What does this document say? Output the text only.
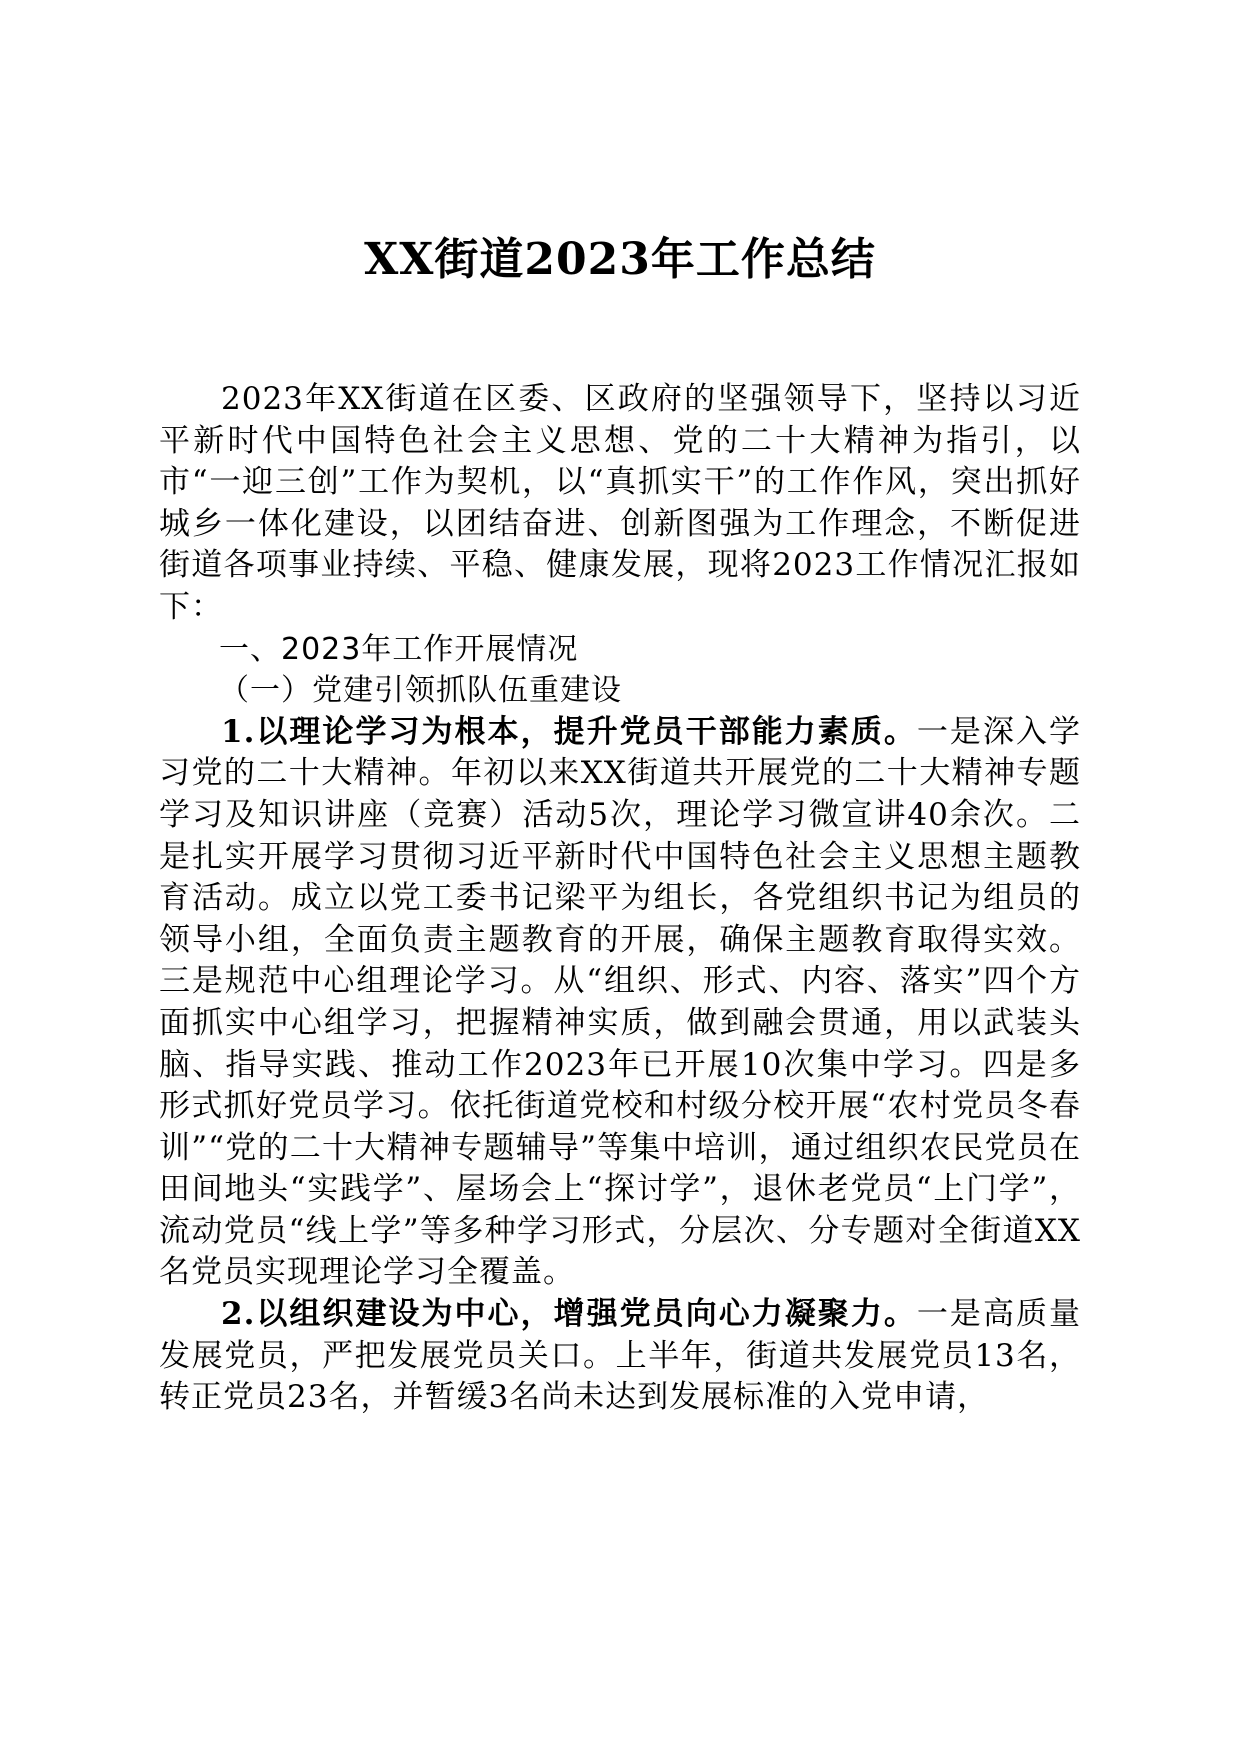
XX街道2023年工作总结

2023年XX街道在区委、区政府的坚强领导下，坚持以习近平新时代中国特色社会主义思想、党的二十大精神为指引，以市“一迎三创”工作为契机，以“真抓实干”的工作作风，突出抓好城乡一体化建设，以团结奋进、创新图强为工作理念，不断促进街道各项事业持续、平稳、健康发展，现将2023工作情况汇报如下：

一、2023年工作开展情况

（一）党建引领抓队伍重建设

1.以理论学习为根本，提升党员干部能力素质。一是深入学习党的二十大精神。年初以来XX街道共开展党的二十大精神专题学习及知识讲座（竞赛）活动5次，理论学习微宣讲40余次。二是扎实开展学习贯彻习近平新时代中国特色社会主义思想主题教育活动。成立以党工委书记梁平为组长，各党组织书记为组员的领导小组，全面负责主题教育的开展，确保主题教育取得实效。三是规范中心组理论学习。从“组织、形式、内容、落实”四个方面抓实中心组学习，把握精神实质，做到融会贯通，用以武装头脑、指导实践、推动工作2023年已开展10次集中学习。四是多形式抓好党员学习。依托街道党校和村级分校开展“农村党员冬春训”“党的二十大精神专题辅导”等集中培训，通过组织农民党员在田间地头“实践学”、屋场会上“探讨学”，退休老党员“上门学”，流动党员“线上学”等多种学习形式，分层次、分专题对全街道XX名党员实现理论学习全覆盖。

2.以组织建设为中心，增强党员向心力凝聚力。一是高质量发展党员，严把发展党员关口。上半年，街道共发展党员13名，转正党员23名，并暂缓3名尚未达到发展标准的入党申请，
